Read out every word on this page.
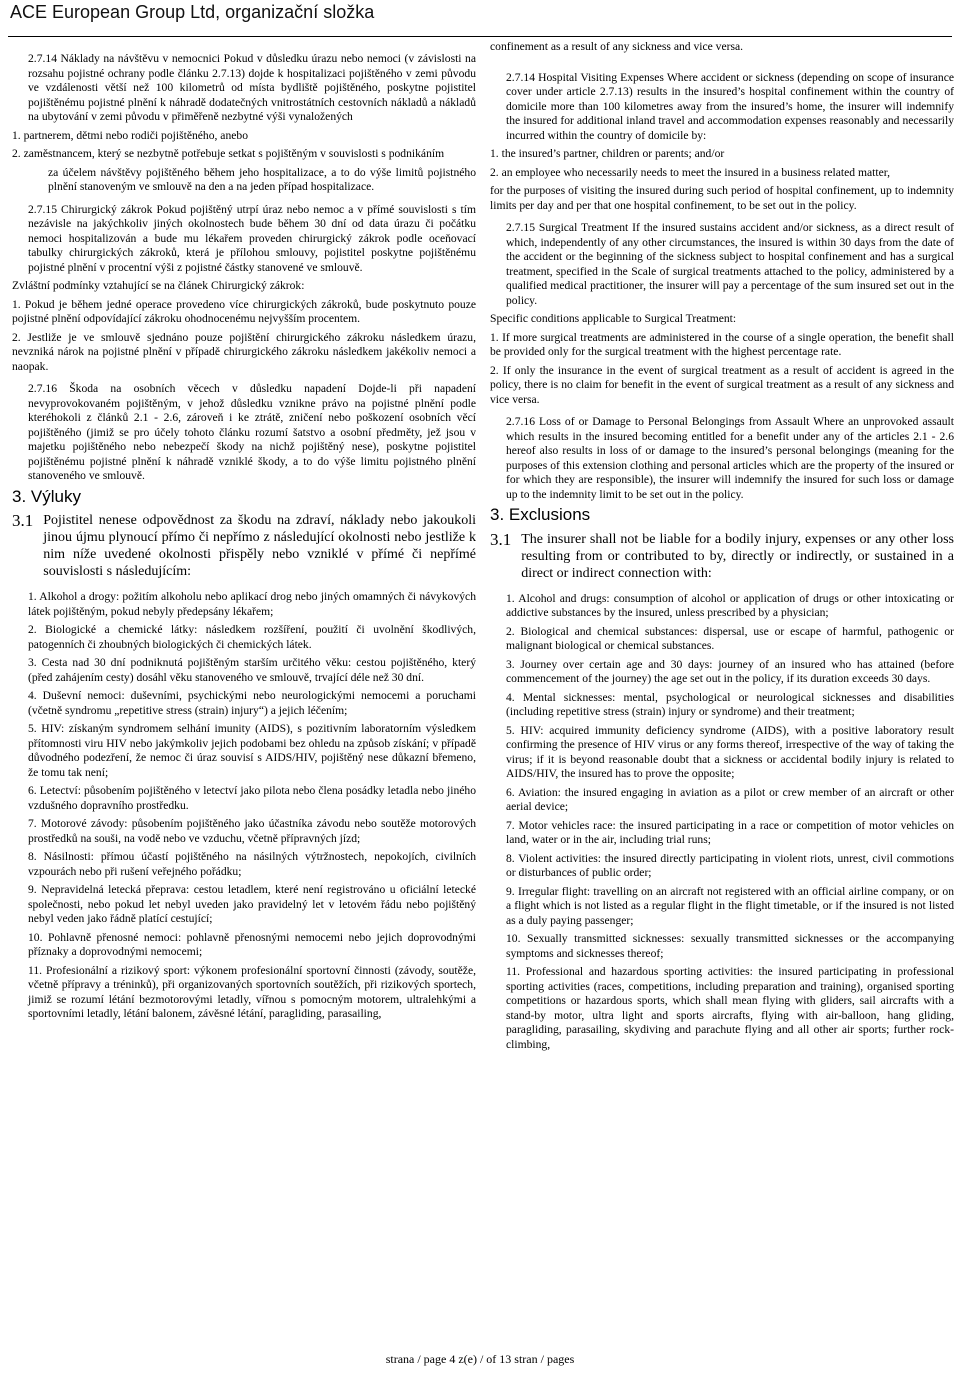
ACE European Group Ltd, organizační složka

2.7.14 Náklady na návštěvu v nemocnici Pokud v důsledku úrazu nebo nemoci (v závislosti na rozsahu pojistné ochrany podle článku 2.7.13) dojde k hospitalizaci pojištěného v zemi původu ve vzdálenosti větší než 100 kilometrů od místa bydliště pojištěného, poskytne pojistitel pojištěnému pojistné plnění k náhradě dodatečných vnitrostátních cestovních nákladů a nákladů na ubytování v zemi původu v přiměřeně nezbytné výši vynaložených

1. partnerem, dětmi nebo rodiči pojištěného, anebo

2. zaměstnancem, který se nezbytně potřebuje setkat s pojištěným v souvislosti s podnikáním

za účelem návštěvy pojištěného během jeho hospitalizace, a to do výše limitů pojistného plnění stanoveným ve smlouvě na den a na jeden případ hospitalizace.

2.7.15 Chirurgický zákrok Pokud pojištěný utrpí úraz nebo nemoc a v přímé souvislosti s tím nezávisle na jakýchkoliv jiných okolnostech bude během 30 dní od data úrazu či počátku nemoci hospitalizován a bude mu lékařem proveden chirurgický zákrok podle oceňovací tabulky chirurgických zákroků, která je přílohou smlouvy, pojistitel poskytne pojištěnému pojistné plnění v procentní výši z pojistné částky stanovené ve smlouvě.

Zvláštní podmínky vztahující se na článek Chirurgický zákrok:

1. Pokud je během jedné operace provedeno více chirurgických zákroků, bude poskytnuto pouze pojistné plnění odpovídající zákroku ohodnocenému nejvyšším procentem.

2. Jestliže je ve smlouvě sjednáno pouze pojištění chirurgického zákroku následkem úrazu, nevzniká nárok na pojistné plnění v případě chirurgického zákroku následkem jakékoliv nemoci a naopak.

2.7.16 Škoda na osobních věcech v důsledku napadení Dojde-li při napadení nevyprovokovaném pojištěným, v jehož důsledku vznikne právo na pojistné plnění podle kteréhokoli z článků 2.1 - 2.6, zároveň i ke ztrátě, zničení nebo poškození osobních věcí pojištěného (jimiž se pro účely tohoto článku rozumí šatstvo a osobní předměty, jež jsou v majetku pojištěného nebo nebezpečí škody na nichž pojištěný nese), poskytne pojistitel pojištěnému pojistné plnění k náhradě vzniklé škody, a to do výše limitu pojistného plnění stanoveného ve smlouvě.

3. Výluky

3.1 Pojistitel nenese odpovědnost za škodu na zdraví, náklady nebo jakoukoli jinou újmu plynoucí přímo či nepřímo z následující okolnosti nebo jestliže k nim níže uvedené okolnosti přispěly nebo vzniklé v přímé či nepřímé souvislosti s následujícím:

1. Alkohol a drogy: požitím alkoholu nebo aplikací drog nebo jiných omamných či návykových látek pojištěným, pokud nebyly předepsány lékařem;

2. Biologické a chemické látky: následkem rozšíření, použití či uvolnění škodlivých, patogenních či zhoubných biologických či chemických látek.

3. Cesta nad 30 dní podniknutá pojištěným starším určitého věku: cestou pojištěného, který (před zahájením cesty) dosáhl věku stanoveného ve smlouvě, trvající déle než 30 dní.

4. Duševní nemoci: duševními, psychickými nebo neurologickými nemocemi a poruchami (včetně syndromu „repetitive stress (strain) injury“) a jejich léčením;

5. HIV: získaným syndromem selhání imunity (AIDS), s pozitivním laboratorním výsledkem přítomnosti viru HIV nebo jakýmkoliv jejich podobami bez ohledu na způsob získání; v případě důvodného podezření, že nemoc či úraz souvisí s AIDS/HIV, pojištěný nese důkazní břemeno, že tomu tak není;

6. Letectví: působením pojištěného v letectví jako pilota nebo člena posádky letadla nebo jiného vzdušného dopravního prostředku.

7. Motorové závody: působením pojištěného jako účastníka závodu nebo soutěže motorových prostředků na souši, na vodě nebo ve vzduchu, včetně přípravných jízd;

8. Násilnosti: přímou účastí pojištěného na násilných výtržnostech, nepokojích, civilních vzpourách nebo při rušení veřejného pořádku;

9. Nepravidelná letecká přeprava: cestou letadlem, které není registrováno u oficiální letecké společnosti, nebo pokud let nebyl uveden jako pravidelný let v letovém řádu nebo pojištěný nebyl veden jako řádně platící cestující;

10. Pohlavně přenosné nemoci: pohlavně přenosnými nemocemi nebo jejich doprovodnými příznaky a doprovodnými nemocemi;

11. Profesionální a rizikový sport: výkonem profesionální sportovní činnosti (závody, soutěže, včetně přípravy a tréninků), při organizovaných sportovních soutěžích, při rizikových sportech, jimiž se rozumí létání bezmotorovými letadly, vířnou s pomocným motorem, ultralehkými a sportovními letadly, létání balonem, závěsné létání, paragliding, parasailing,

confinement as a result of any sickness and vice versa.

2.7.14 Hospital Visiting Expenses Where accident or sickness (depending on scope of insurance cover under article 2.7.13) results in the insured’s hospital confinement within the country of domicile more than 100 kilometres away from the insured’s home, the insurer will indemnify the insured for additional inland travel and accommodation expenses reasonably and necessarily incurred within the country of domicile by:

1. the insured’s partner, children or parents; and/or

2. an employee who necessarily needs to meet the insured in a business related matter,

for the purposes of visiting the insured during such period of hospital confinement, up to indemnity limits per day and per that one hospital confinement, to be set out in the policy.

2.7.15 Surgical Treatment If the insured sustains accident and/or sickness, as a direct result of which, independently of any other circumstances, the insured is within 30 days from the date of the accident or the beginning of the sickness subject to hospital confinement and has a surgical treatment, specified in the Scale of surgical treatments attached to the policy, administered by a qualified medical practitioner, the insurer will pay a percentage of the sum insured set out in the policy.

Specific conditions applicable to Surgical Treatment:

1. If more surgical treatments are administered in the course of a single operation, the benefit shall be provided only for the surgical treatment with the highest percentage rate.

2. If only the insurance in the event of surgical treatment as a result of accident is agreed in the policy, there is no claim for benefit in the event of surgical treatment as a result of any sickness and vice versa.

2.7.16 Loss of or Damage to Personal Belongings from Assault Where an unprovoked assault which results in the insured becoming entitled for a benefit under any of the articles 2.1 - 2.6 hereof also results in loss of or damage to the insured’s personal belongings (meaning for the purposes of this extension clothing and personal articles which are the property of the insured or for which they are responsible), the insurer will indemnify the insured for such loss or damage up to the indemnity limit to be set out in the policy.

3. Exclusions

3.1 The insurer shall not be liable for a bodily injury, expenses or any other loss resulting from or contributed to by, directly or indirectly, or sustained in a direct or indirect connection with:

1. Alcohol and drugs: consumption of alcohol or application of drugs or other intoxicating or addictive substances by the insured, unless prescribed by a physician;

2. Biological and chemical substances: dispersal, use or escape of harmful, pathogenic or malignant biological or chemical substances.

3. Journey over certain age and 30 days: journey of an insured who has attained (before commencement of the journey) the age set out in the policy, if its duration exceeds 30 days.

4. Mental sicknesses: mental, psychological or neurological sicknesses and disabilities (including repetitive stress (strain) injury or syndrome) and their treatment;

5. HIV: acquired immunity deficiency syndrome (AIDS), with a positive laboratory result confirming the presence of HIV virus or any forms thereof, irrespective of the way of taking the virus; if it is beyond reasonable doubt that a sickness or accidental bodily injury is related to AIDS/HIV, the insured has to prove the opposite;

6. Aviation: the insured engaging in aviation as a pilot or crew member of an aircraft or other aerial device;

7. Motor vehicles race: the insured participating in a race or competition of motor vehicles on land, water or in the air, including trial runs;

8. Violent activities: the insured directly participating in violent riots, unrest, civil commotions or disturbances of public order;

9. Irregular flight: travelling on an aircraft not registered with an official airline company, or on a flight which is not listed as a regular flight in the flight timetable, or if the insured is not listed as a duly paying passenger;

10. Sexually transmitted sicknesses: sexually transmitted sicknesses or the accompanying symptoms and sicknesses thereof;

11. Professional and hazardous sporting activities: the insured participating in professional sporting activities (races, competitions, including preparation and training), organised sporting competitions or hazardous sports, which shall mean flying with gliders, sail aircrafts with a stand-by motor, ultra light and sports aircrafts, flying with air-balloon, hang gliding, paragliding, parasailing, skydiving and parachute flying and all other air sports; further rock-climbing,

strana / page 4 z(e) / of 13 stran / pages
